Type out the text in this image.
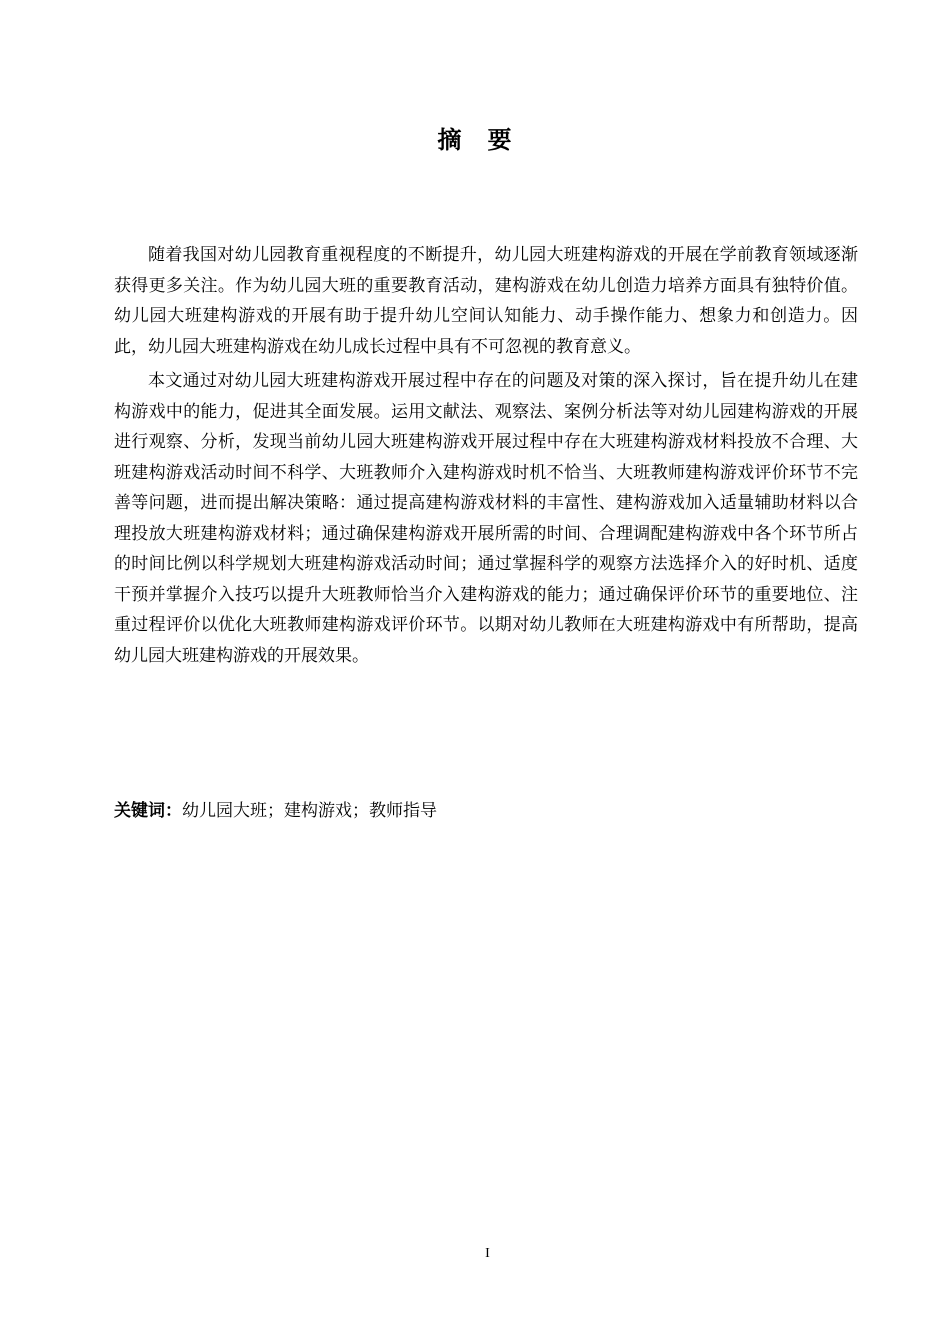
摘要

随着我国对幼儿园教育重视程度的不断提升，幼儿园大班建构游戏的开展在学前教育领域逐渐获得更多关注。作为幼儿园大班的重要教育活动，建构游戏在幼儿创造力培养方面具有独特价值。幼儿园大班建构游戏的开展有助于提升幼儿空间认知能力、动手操作能力、想象力和创造力。因此，幼儿园大班建构游戏在幼儿成长过程中具有不可忽视的教育意义。

本文通过对幼儿园大班建构游戏开展过程中存在的问题及对策的深入探讨，旨在提升幼儿在建构游戏中的能力，促进其全面发展。运用文献法、观察法、案例分析法等对幼儿园建构游戏的开展进行观察、分析，发现当前幼儿园大班建构游戏开展过程中存在大班建构游戏材料投放不合理、大班建构游戏活动时间不科学、大班教师介入建构游戏时机不恰当、大班教师建构游戏评价环节不完善等问题，进而提出解决策略：通过提高建构游戏材料的丰富性、建构游戏加入适量辅助材料以合理投放大班建构游戏材料；通过确保建构游戏开展所需的时间、合理调配建构游戏中各个环节所占的时间比例以科学规划大班建构游戏活动时间；通过掌握科学的观察方法选择介入的好时机、适度干预并掌握介入技巧以提升大班教师恰当介入建构游戏的能力；通过确保评价环节的重要地位、注重过程评价以优化大班教师建构游戏评价环节。以期对幼儿教师在大班建构游戏中有所帮助，提高幼儿园大班建构游戏的开展效果。

关键词：幼儿园大班；建构游戏；教师指导
I
